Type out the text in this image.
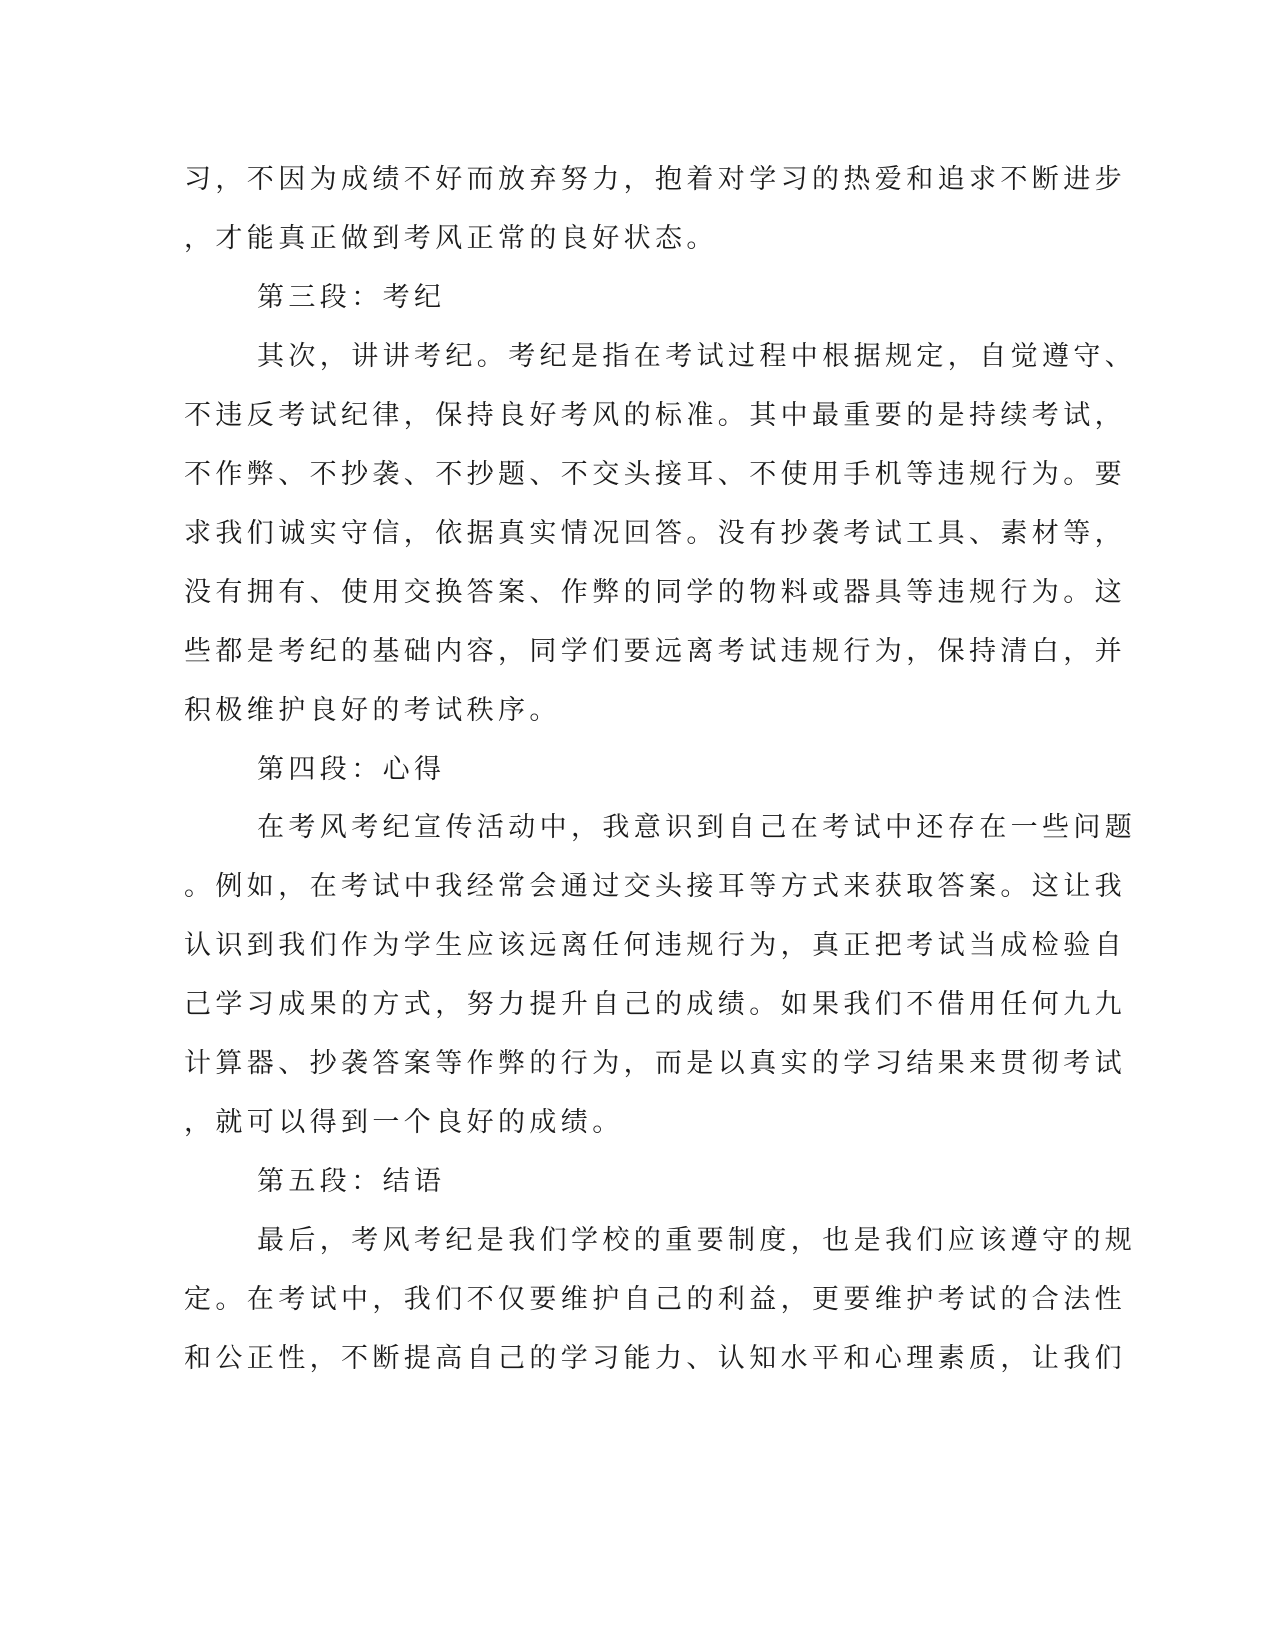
习，不因为成绩不好而放弃努力，抱着对学习的热爱和追求不断进步
，才能真正做到考风正常的良好状态。
第三段：考纪
其次，讲讲考纪。考纪是指在考试过程中根据规定，自觉遵守、
不违反考试纪律，保持良好考风的标准。其中最重要的是持续考试，
不作弊、不抄袭、不抄题、不交头接耳、不使用手机等违规行为。要
求我们诚实守信，依据真实情况回答。没有抄袭考试工具、素材等，
没有拥有、使用交换答案、作弊的同学的物料或器具等违规行为。这
些都是考纪的基础内容，同学们要远离考试违规行为，保持清白，并
积极维护良好的考试秩序。
第四段：心得
在考风考纪宣传活动中，我意识到自己在考试中还存在一些问题
。例如，在考试中我经常会通过交头接耳等方式来获取答案。这让我
认识到我们作为学生应该远离任何违规行为，真正把考试当成检验自
己学习成果的方式，努力提升自己的成绩。如果我们不借用任何九九
计算器、抄袭答案等作弊的行为，而是以真实的学习结果来贯彻考试
，就可以得到一个良好的成绩。
第五段：结语
最后，考风考纪是我们学校的重要制度，也是我们应该遵守的规
定。在考试中，我们不仅要维护自己的利益，更要维护考试的合法性
和公正性，不断提高自己的学习能力、认知水平和心理素质，让我们
